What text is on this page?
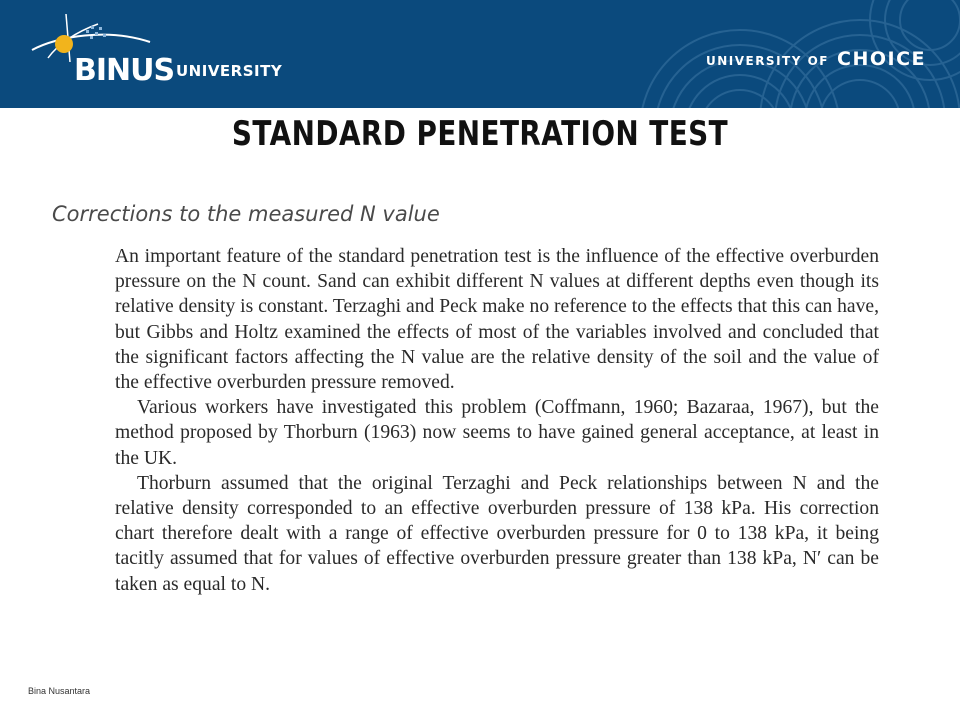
BINUS UNIVERSITY
UNIVERSITY OF CHOICE
STANDARD PENETRATION TEST
Corrections to the measured N value

An important feature of the standard penetration test is the influence of the effective overburden pressure on the N count. Sand can exhibit different N values at different depths even though its relative density is constant. Terzaghi and Peck make no reference to the effects that this can have, but Gibbs and Holtz examined the effects of most of the variables involved and concluded that the significant factors affecting the N value are the relative density of the soil and the value of the effective overburden pressure removed.

Various workers have investigated this problem (Coffmann, 1960; Bazaraa, 1967), but the method proposed by Thorburn (1963) now seems to have gained general acceptance, at least in the UK.

Thorburn assumed that the original Terzaghi and Peck relationships between N and the relative density corresponded to an effective overburden pressure of 138 kPa. His correction chart therefore dealt with a range of effective overburden pressure for 0 to 138 kPa, it being tacitly assumed that for values of effective overburden pressure greater than 138 kPa, N′ can be taken as equal to N.

Bina Nusantara
